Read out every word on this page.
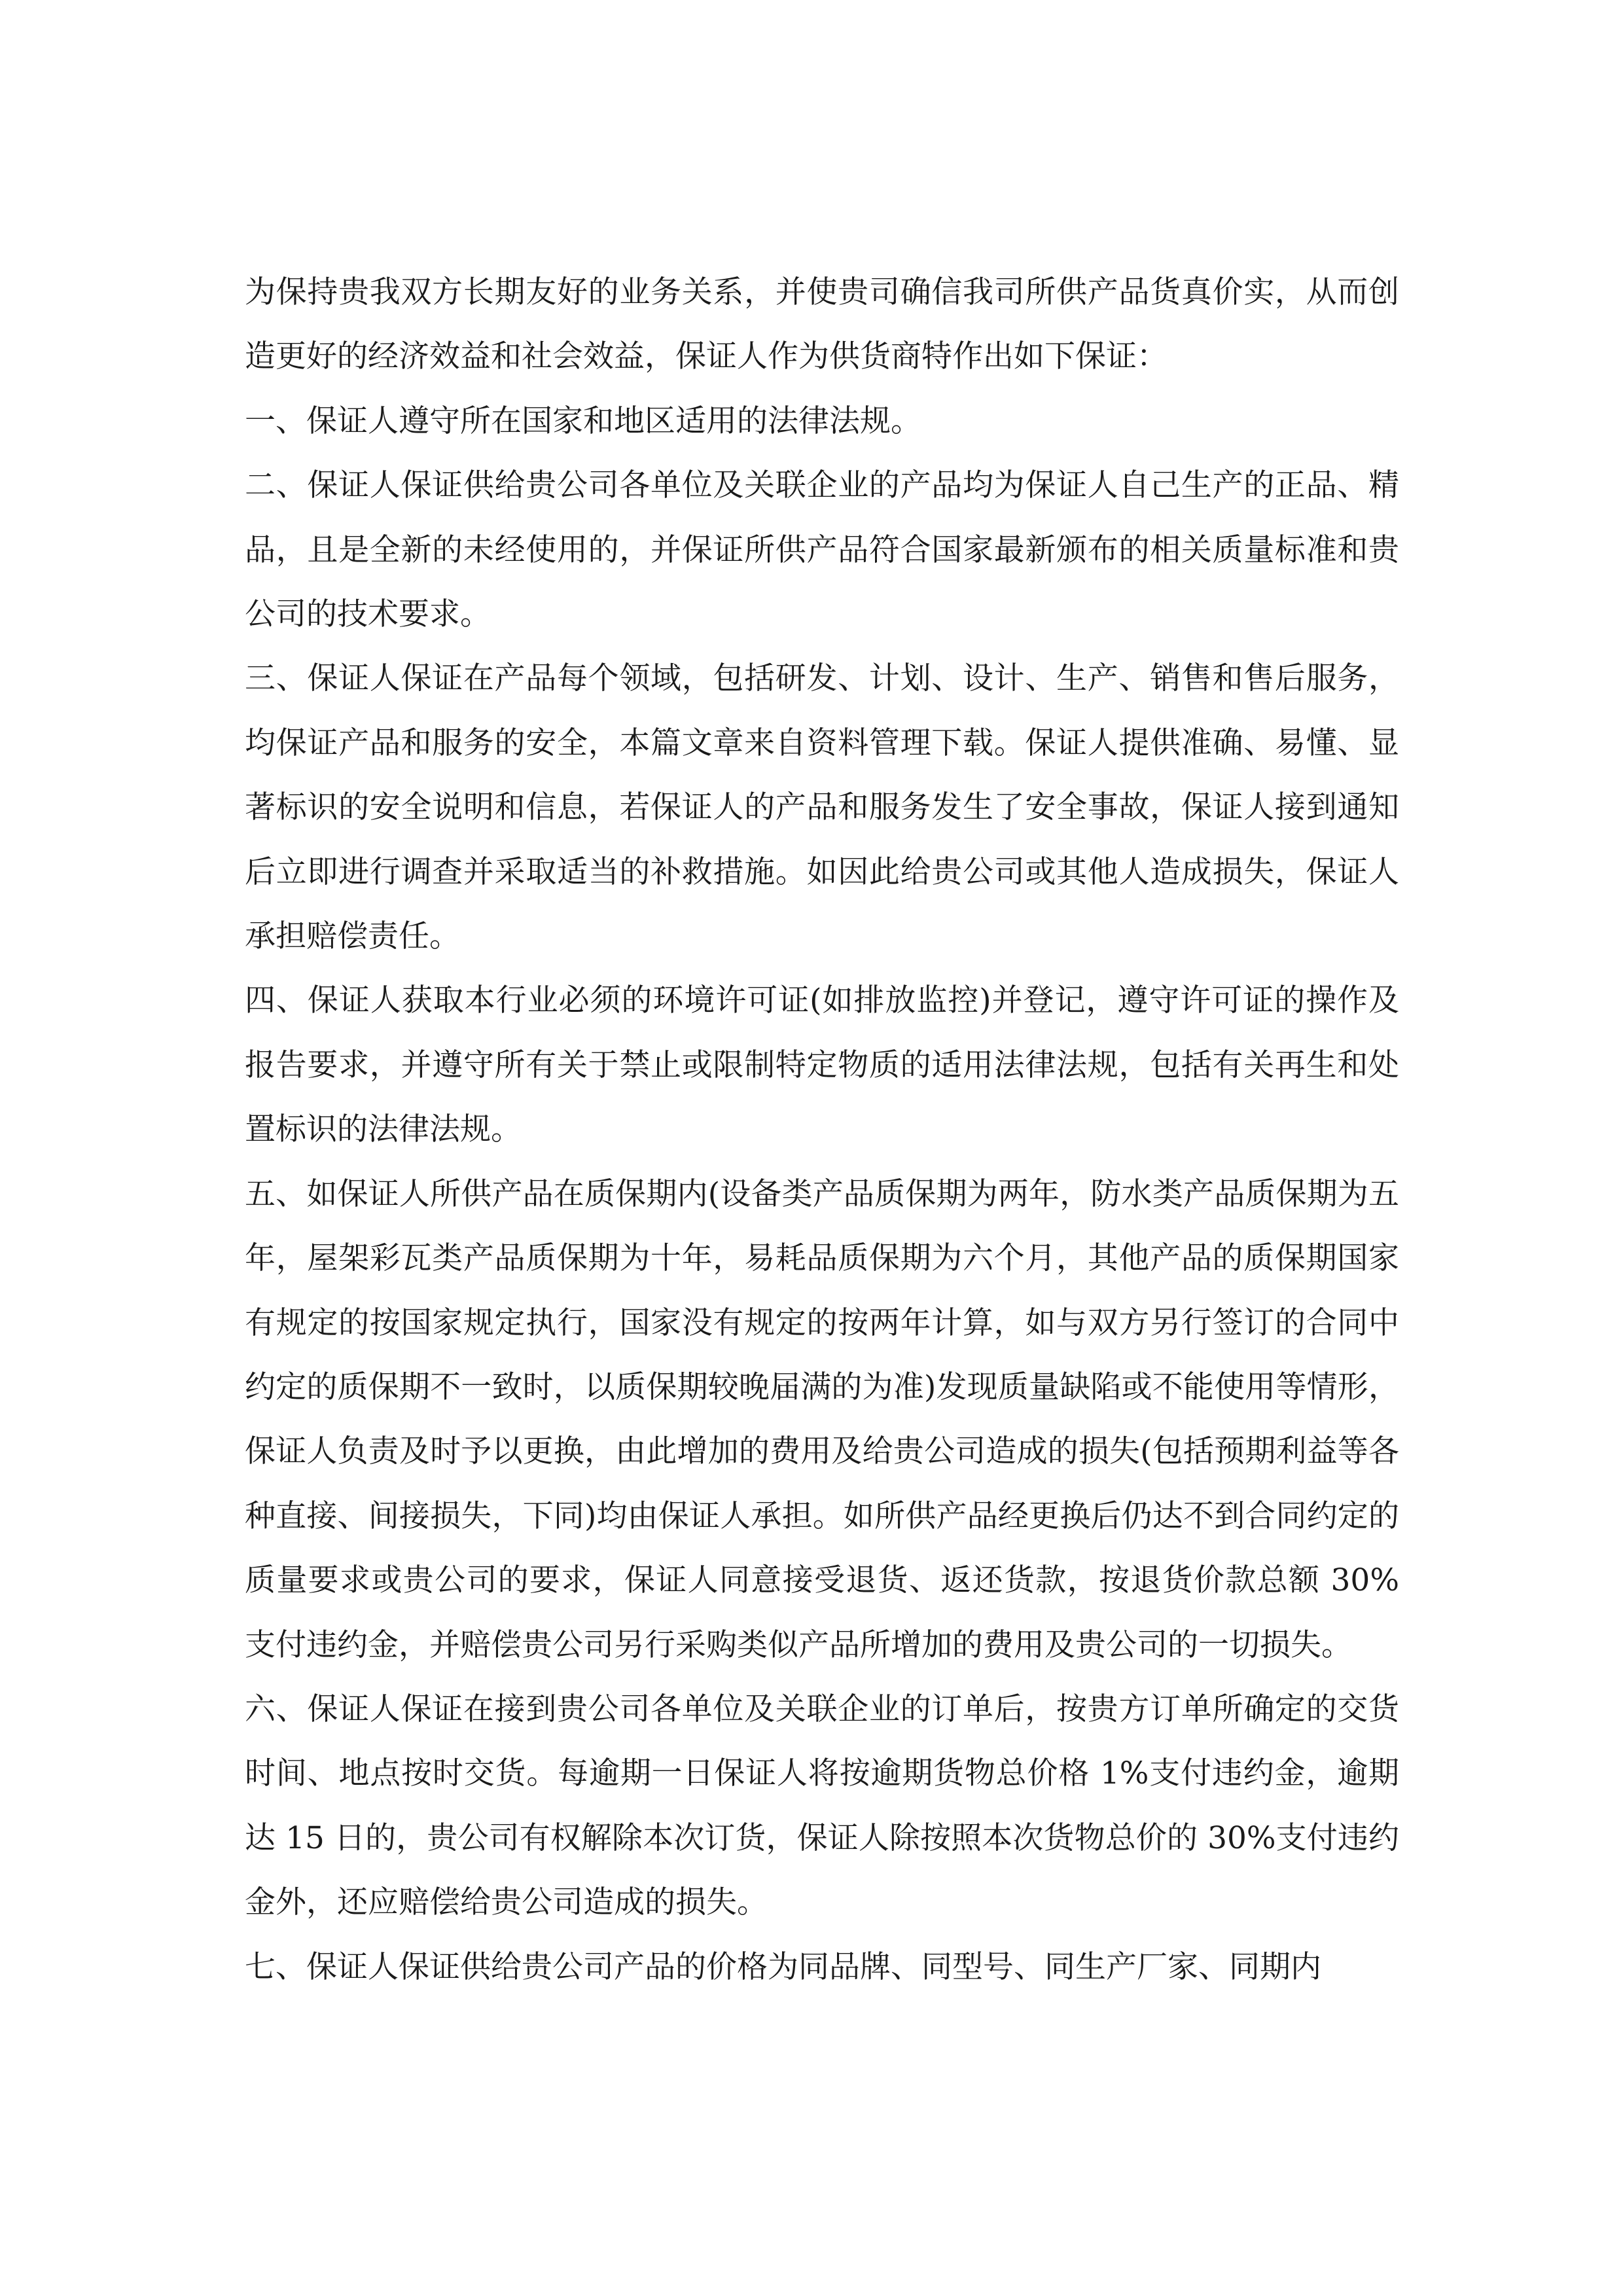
为保持贵我双方长期友好的业务关系，并使贵司确信我司所供产品货真价实，从而创造更好的经济效益和社会效益，保证人作为供货商特作出如下保证：

一、保证人遵守所在国家和地区适用的法律法规。

二、保证人保证供给贵公司各单位及关联企业的产品均为保证人自己生产的正品、精品，且是全新的未经使用的，并保证所供产品符合国家最新颁布的相关质量标准和贵公司的技术要求。

三、保证人保证在产品每个领域，包括研发、计划、设计、生产、销售和售后服务，均保证产品和服务的安全，本篇文章来自资料管理下载。保证人提供准确、易懂、显著标识的安全说明和信息，若保证人的产品和服务发生了安全事故，保证人接到通知后立即进行调查并采取适当的补救措施。如因此给贵公司或其他人造成损失，保证人承担赔偿责任。

四、保证人获取本行业必须的环境许可证(如排放监控)并登记，遵守许可证的操作及报告要求，并遵守所有关于禁止或限制特定物质的适用法律法规，包括有关再生和处置标识的法律法规。

五、如保证人所供产品在质保期内(设备类产品质保期为两年，防水类产品质保期为五年，屋架彩瓦类产品质保期为十年，易耗品质保期为六个月，其他产品的质保期国家有规定的按国家规定执行，国家没有规定的按两年计算，如与双方另行签订的合同中约定的质保期不一致时，以质保期较晚届满的为准)发现质量缺陷或不能使用等情形，保证人负责及时予以更换，由此增加的费用及给贵公司造成的损失(包括预期利益等各种直接、间接损失，下同)均由保证人承担。如所供产品经更换后仍达不到合同约定的质量要求或贵公司的要求，保证人同意接受退货、返还货款，按退货价款总额 30%支付违约金，并赔偿贵公司另行采购类似产品所增加的费用及贵公司的一切损失。

六、保证人保证在接到贵公司各单位及关联企业的订单后，按贵方订单所确定的交货时间、地点按时交货。每逾期一日保证人将按逾期货物总价格 1%支付违约金，逾期达 15 日的，贵公司有权解除本次订货，保证人除按照本次货物总价的 30%支付违约金外，还应赔偿给贵公司造成的损失。

七、保证人保证供给贵公司产品的价格为同品牌、同型号、同生产厂家、同期内
